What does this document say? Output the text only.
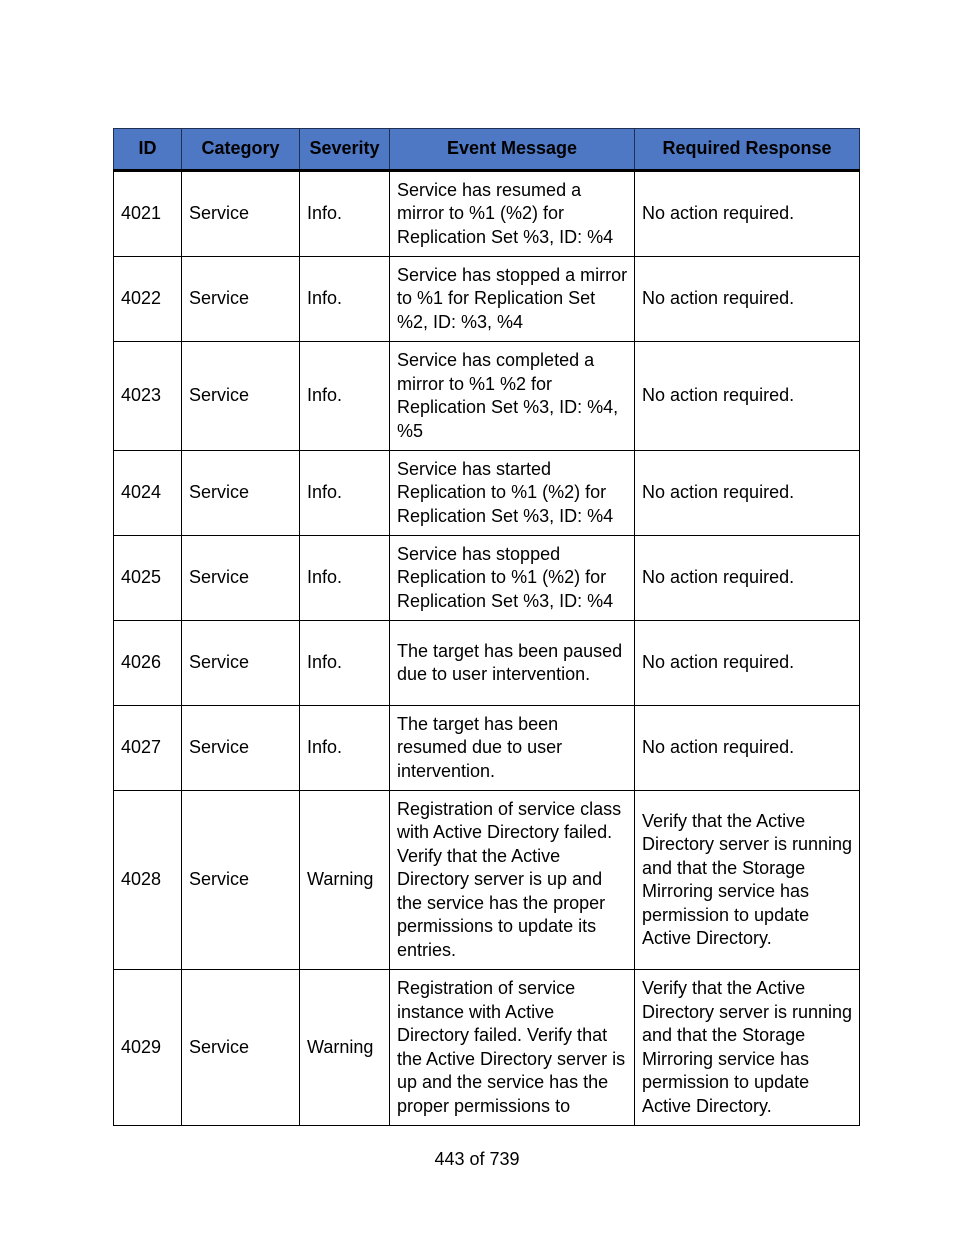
ID	Category	Severity	Event Message	Required Response
4021	Service	Info.	Service has resumed a mirror to %1 (%2) for Replication Set %3, ID: %4	No action required.
4022	Service	Info.	Service has stopped a mirror to %1 for Replication Set %2, ID: %3, %4	No action required.
4023	Service	Info.	Service has completed a mirror to %1 %2 for Replication Set %3, ID: %4, %5	No action required.
4024	Service	Info.	Service has started Replication to %1 (%2) for Replication Set %3, ID: %4	No action required.
4025	Service	Info.	Service has stopped Replication to %1 (%2) for Replication Set %3, ID: %4	No action required.
4026	Service	Info.	The target has been paused due to user intervention.	No action required.
4027	Service	Info.	The target has been resumed due to user intervention.	No action required.
4028	Service	Warning	Registration of service class with Active Directory failed. Verify that the Active Directory server is up and the service has the proper permissions to update its entries.	Verify that the Active Directory server is running and that the Storage Mirroring service has permission to update Active Directory.
4029	Service	Warning	Registration of service instance with Active Directory failed. Verify that the Active Directory server is up and the service has the proper permissions to	Verify that the Active Directory server is running and that the Storage Mirroring service has permission to update Active Directory.
443 of 739
